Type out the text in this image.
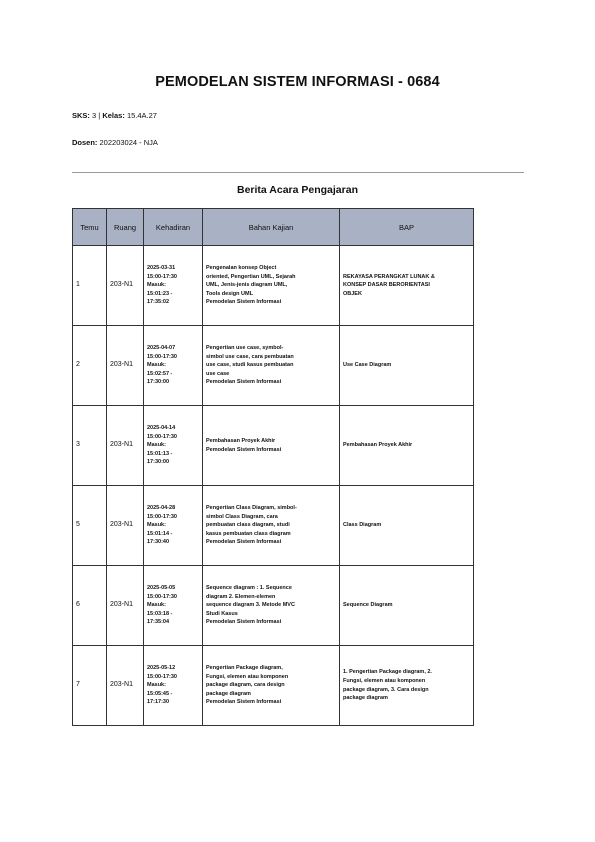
PEMODELAN SISTEM INFORMASI - 0684
SKS: 3 | Kelas: 15.4A.27
Dosen: 202203024 - NJA
Berita Acara Pengajaran
Temu	Ruang	Kehadiran	Bahan Kajian	BAP
1	203-N1	2025-03-31
15:00-17:30
Masuk:
15:01:23 -
17:35:02	Pengenalan konsep Object
oriented, Pengertian UML, Sejarah
UML, Jenis-jenis diagram UML,
Tools design UML
Pemodelan Sistem Informasi	REKAYASA PERANGKAT LUNAK &
KONSEP DASAR BERORIENTASI
OBJEK

2	203-N1	2025-04-07
15:00-17:30
Masuk:
15:02:57 -
17:30:00	Pengertian use case, symbol-
simbol use case, cara pembuatan
use case, studi kasus pembuatan
use case
Pemodelan Sistem Informasi	Use Case Diagram

3	203-N1	2025-04-14
15:00-17:30
Masuk:
15:01:13 -
17:30:00	Pembahasan Proyek Akhir
Pemodelan Sistem Informasi	Pembahasan Proyek Akhir

5	203-N1	2025-04-28
15:00-17:30
Masuk:
15:01:14 -
17:30:40	Pengertian Class Diagram, simbol-
simbol Class Diagram, cara
pembuatan class diagram, studi
kasus pembuatan class diagram
Pemodelan Sistem Informasi	Class Diagram

6	203-N1	2025-05-05
15:00-17:30
Masuk:
15:03:18 -
17:35:04	Sequence diagram : 1. Sequence
diagram 2. Elemen-elemen
sequence diagram 3. Metode MVC
Studi Kasus
Pemodelan Sistem Informasi	Sequence Diagram

7	203-N1	2025-05-12
15:00-17:30
Masuk:
15:05:45 -
17:17:30	Pengertian Package diagram,
Fungsi, elemen atau komponen
package diagram, cara design
package diagram
Pemodelan Sistem Informasi	1. Pengertian Package diagram, 2.
Fungsi, elemen atau komponen
package diagram, 3. Cara design
package diagram
